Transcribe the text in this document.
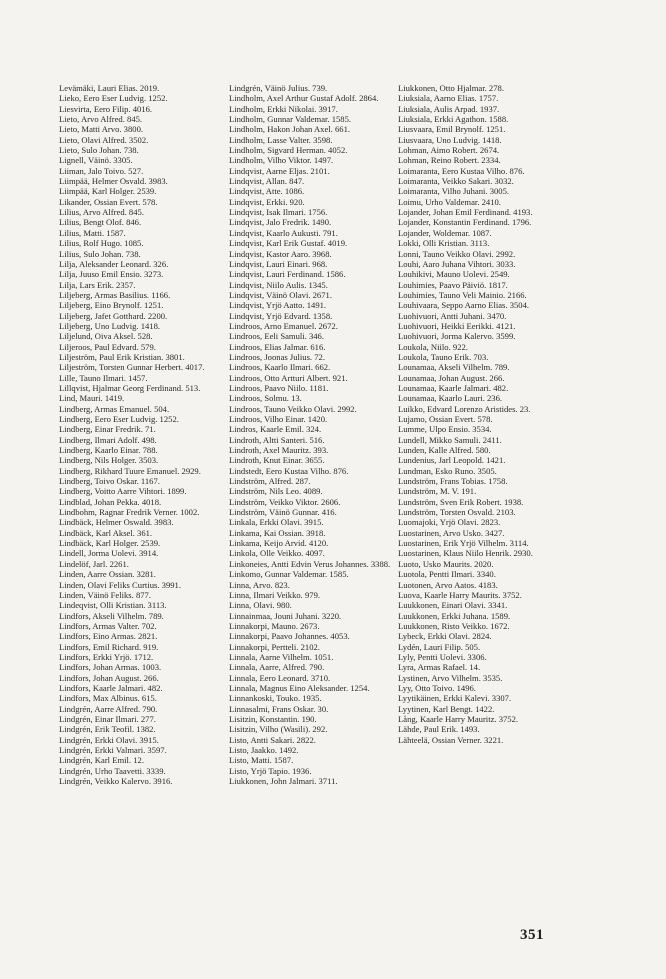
Levämäki, Lauri Elias. 2019.
Lieko, Eero Eser Ludvig. 1252.
Liesvirta, Eero Filip. 4016.
Lieto, Arvo Alfred. 845.
Lieto, Matti Arvo. 3800.
Lieto, Olavi Alfred. 3502.
Lieto, Sulo Johan. 738.
Lignell, Väinö. 3305.
Liiman, Jalo Toivo. 527.
Liimpää, Helmer Osvald. 3983.
Liimpää, Karl Holger. 2539.
Likander, Ossian Evert. 578.
Lilius, Arvo Alfred. 845.
Lilius, Bengt Olof. 846.
Lilius, Matti. 1587.
Lilius, Rolf Hugo. 1085.
Lilius, Sulo Johan. 738.
Lilja, Aleksander Leonard. 326.
Lilja, Juuso Emil Ensio. 3273.
Lilja, Lars Erik. 2357.
Liljeberg, Armas Basilius. 1166.
Liljeberg, Eino Brynolf. 1251.
Liljeberg, Jafet Gotthard. 2200.
Liljeberg, Uno Ludvig. 1418.
Liljelund, Oiva Aksel. 528.
Liljeroos, Paul Edvard. 579.
Liljeström, Paul Erik Kristian. 3801.
Liljeström, Torsten Gunnar Herbert. 4017.
Lille, Tauno Ilmari. 1457.
Lillqvist, Hjalmar Georg Ferdinand. 513.
Lind, Mauri. 1419.
Lindberg, Armas Emanuel. 504.
Lindberg, Eero Eser Ludvig. 1252.
Lindberg, Einar Fredrik. 71.
Lindberg, Ilmari Adolf. 498.
Lindberg, Kaarlo Einar. 788.
Lindberg, Nils Holger. 3503.
Lindberg, Rikhard Tuure Emanuel. 2929.
Lindberg, Toivo Oskar. 1167.
Lindberg, Voitto Aarre Vihtori. 1899.
Lindblad, Johan Pekka. 4018.
Lindbohm, Ragnar Fredrik Verner. 1002.
Lindbäck, Helmer Oswald. 3983.
Lindbäck, Karl Aksel. 361.
Lindbäck, Karl Holger. 2539.
Lindell, Jorma Uolevi. 3914.
Lindelöf, Jarl. 2261.
Linden, Aarre Ossian. 3281.
Linden, Olavi Feliks Curtius. 3991.
Linden, Väinö Feliks. 877.
Lindeqvist, Olli Kristian. 3113.
Lindfors, Akseli Vilhelm. 789.
Lindfors, Armas Valter. 702.
Lindfors, Eino Armas. 2821.
Lindfors, Emil Richard. 919.
Lindfors, Erkki Yrjö. 1712.
Lindfors, Johan Armas. 1003.
Lindfors, Johan August. 266.
Lindfors, Kaarle Jalmari. 482.
Lindfors, Max Albinus. 615.
Lindgrén, Aarre Alfred. 790.
Lindgrén, Einar Ilmari. 277.
Lindgrén, Erik Teofil. 1382.
Lindgrén, Erkki Olavi. 3915.
Lindgrén, Erkki Valmari. 3597.
Lindgrén, Karl Emil. 12.
Lindgrén, Urho Taavetti. 3339.
Lindgrén, Veikko Kalervo. 3916.
Lindgrén, Väinö Julius. 739.
Lindholm, Axel Arthur Gustaf Adolf. 2864.
Lindholm, Erkki Nikolai. 3917.
Lindholm, Gunnar Valdemar. 1585.
Lindholm, Hakon Johan Axel. 661.
Lindholm, Lasse Valter. 3598.
Lindholm, Sigvard Herman. 4052.
Lindholm, Vilho Viktor. 1497.
Lindqvist, Aarne Eljas. 2101.
Lindqvist, Allan. 847.
Lindqvist, Atte. 1086.
Lindqvist, Erkki. 920.
Lindqvist, Isak Ilmari. 1756.
Lindqvist, Jalo Fredrik. 1490.
Lindqvist, Kaarlo Aukusti. 791.
Lindqvist, Karl Erik Gustaf. 4019.
Lindqvist, Kastor Aaro. 3968.
Lindqvist, Lauri Einari. 968.
Lindqvist, Lauri Ferdinand. 1586.
Lindqvist, Niilo Aulis. 1345.
Lindqvist, Väinö Olavi. 2671.
Lindqvist, Yrjö Aatto. 1491.
Lindqvist, Yrjö Edvard. 1358.
Lindroos, Arno Emanuel. 2672.
Lindroos, Eeli Samuli. 346.
Lindroos, Elias Jalmar. 616.
Lindroos, Joonas Julius. 72.
Lindroos, Kaarlo Ilmari. 662.
Lindroos, Otto Artturi Albert. 921.
Lindroos, Paavo Niilo. 1181.
Lindroos, Solmu. 13.
Lindroos, Tauno Veikko Olavi. 2992.
Lindroos, Vilho Einar. 1420.
Lindros, Kaarle Emil. 324.
Lindroth, Altti Santeri. 516.
Lindroth, Axel Mauritz. 393.
Lindroth, Knut Einar. 3655.
Lindstedt, Eero Kustaa Vilho. 876.
Lindström, Alfred. 287.
Lindström, Nils Leo. 4089.
Lindström, Veikko Viktor. 2606.
Lindström, Väinö Gunnar. 416.
Linkala, Erkki Olavi. 3915.
Linkama, Kai Ossian. 3918.
Linkama, Keijo Arvid. 4120.
Linkola, Olle Veikko. 4097.
Linkoneies, Antti Edvin Verus Johannes. 3388.
Linkomo, Gunnar Valdemar. 1585.
Linna, Arvo. 823.
Linna, Ilmari Veikko. 979.
Linna, Olavi. 980.
Linnainmaa, Jouni Juhani. 3220.
Linnakorpi, Mauno. 2673.
Linnakorpi, Paavo Johannes. 4053.
Linnakorpi, Pertteli. 2102.
Linnala, Aarne Vilhelm. 1051.
Linnala, Aarre, Alfred. 790.
Linnala, Eero Leonard. 3710.
Linnala, Magnus Eino Aleksander. 1254.
Linnankoski, Touko. 1935.
Linnasalmi, Frans Oskar. 30.
Lisitzin, Konstantin. 190.
Lisitzin, Vilho (Wasili). 292.
Listo, Antti Sakari. 2822.
Listo, Jaakko. 1492.
Listo, Matti. 1587.
Listo, Yrjö Tapio. 1936.
Liukkonen, John Jalmari. 3711.
Liukkonen, Otto Hjalmar. 278.
Liuksiala, Aarno Elias. 1757.
Liuksiala, Aulis Arpad. 1937.
Liuksiala, Erkki Agathon. 1588.
Liusvaara, Emil Brynolf. 1251.
Liusvaara, Uno Ludvig. 1418.
Lohman, Aimo Robert. 2674.
Lohman, Reino Robert. 2334.
Loimaranta, Eero Kustaa Vilho. 876.
Loimaranta, Veikko Sakari. 3032.
Loimaranta, Vilho Juhani. 3005.
Loimu, Urho Valdemar. 2410.
Lojander, Johan Emil Ferdinand. 4193.
Lojander, Konstantin Ferdinand. 1796.
Lojander, Woldemar. 1087.
Lokki, Olli Kristian. 3113.
Lonni, Tauno Veikko Olavi. 2992.
Louhi, Aaro Juhana Vihtori. 3033.
Louhikivi, Mauno Uolevi. 2549.
Louhimies, Paavo Päiviö. 1817.
Louhimies, Tauno Veli Mainio. 2166.
Louhivaara, Seppo Aarno Elias. 3504.
Luohivuori, Antti Juhani. 3470.
Luohivuori, Heikki Eerikki. 4121.
Luohivuori, Jorma Kalervo. 3599.
Loukola, Niilo. 922.
Loukola, Tauno Erik. 703.
Lounamaa, Akseli Vilhelm. 789.
Lounamaa, Johan August. 266.
Lounamaa, Kaarle Jalmari. 482.
Lounamaa, Kaarlo Lauri. 236.
Luikko, Edvard Lorenzo Aristides. 23.
Lujamo, Ossian Evert. 578.
Lumme, Ulpo Ensio. 3534.
Lundell, Mikko Samuli. 2411.
Lunden, Kalle Alfred. 580.
Lundenius, Jarl Leopold. 1421.
Lundman, Esko Runo. 3505.
Lundström, Frans Tobias. 1758.
Lundström, M. V. 191.
Lundström, Sven Erik Robert. 1938.
Lundström, Torsten Osvald. 2103.
Luomajoki, Yrjö Olavi. 2823.
Luostarinen, Arvo Usko. 3427.
Luostarinen, Erik Yrjö Vilhelm. 3114.
Luostarinen, Klaus Niilo Henrik. 2930.
Luoto, Usko Maurits. 2020.
Luotola, Pentti Ilmari. 3340.
Luotonen, Arvo Aatos. 4183.
Luova, Kaarle Harry Maurits. 3752.
Luukkonen, Einari Olavi. 3341.
Luukkonen, Erkki Juhana. 1589.
Luukkonen, Risto Veikko. 1672.
Lybeck, Erkki Olavi. 2824.
Lydén, Lauri Filip. 505.
Lyly, Pentti Uolevi. 3306.
Lyra, Armas Rafael. 14.
Lystinen, Arvo Vilhelm. 3535.
Lyy, Otto Toivo. 1496.
Lyytikäinen, Erkki Kalevi. 3307.
Lyytinen, Karl Bengt. 1422.
Lång, Kaarle Harry Mauritz. 3752.
Lähde, Paul Erik. 1493.
Lähteelä, Ossian Verner. 3221.
351
